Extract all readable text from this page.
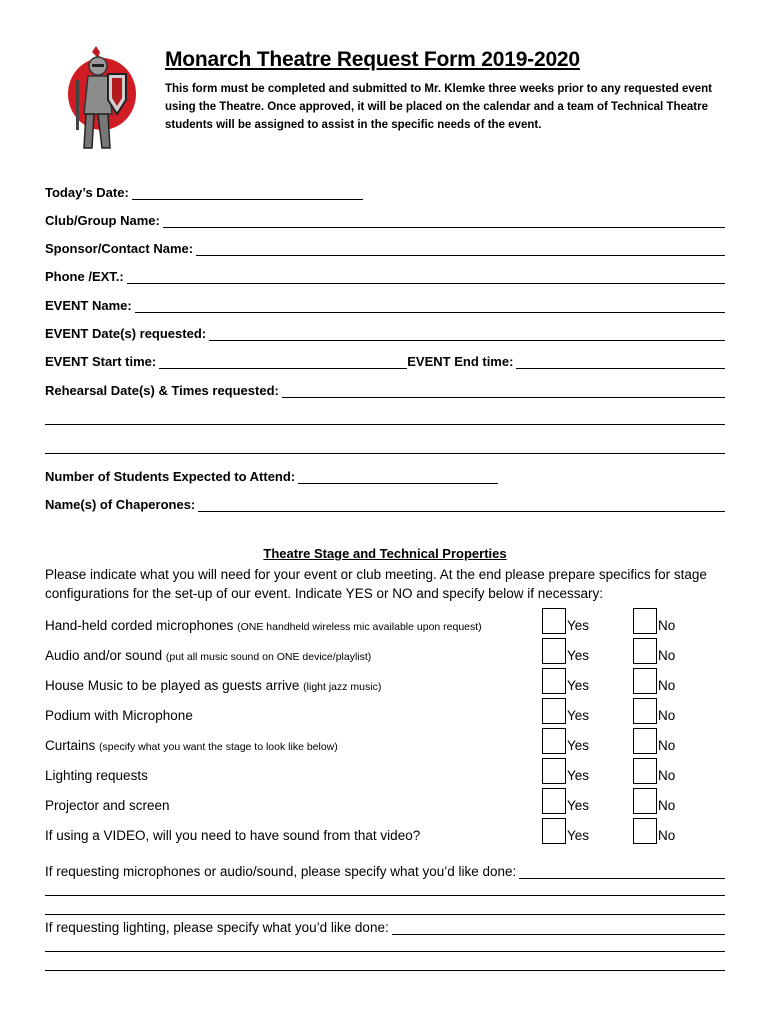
Monarch Theatre Request Form 2019-2020
This form must be completed and submitted to Mr. Klemke three weeks prior to any requested event using the Theatre. Once approved, it will be placed on the calendar and a team of Technical Theatre students will be assigned to assist in the specific needs of the event.
Today’s Date:
Club/Group Name:
Sponsor/Contact Name:
Phone /EXT.:
EVENT Name:
EVENT Date(s) requested:
EVENT Start time:	EVENT End time:
Rehearsal Date(s) & Times requested:
Number of Students Expected to Attend:
Name(s) of Chaperones:
Theatre Stage and Technical Properties
Please indicate what you will need for your event or club meeting. At the end please prepare specifics for stage configurations for the set-up of our event. Indicate YES or NO and specify below if necessary:
Hand-held corded microphones (ONE handheld wireless mic available upon request)	Yes	No
Audio and/or sound (put all music sound on ONE device/playlist)	Yes	No
House Music to be played as guests arrive (light jazz music)	Yes	No
Podium with Microphone	Yes	No
Curtains (specify what you want the stage to look like below)	Yes	No
Lighting requests	Yes	No
Projector and screen	Yes	No
If using a VIDEO, will you need to have sound from that video?	Yes	No
If requesting microphones or audio/sound, please specify what you’d like done:
If requesting lighting, please specify what you’d like done:
